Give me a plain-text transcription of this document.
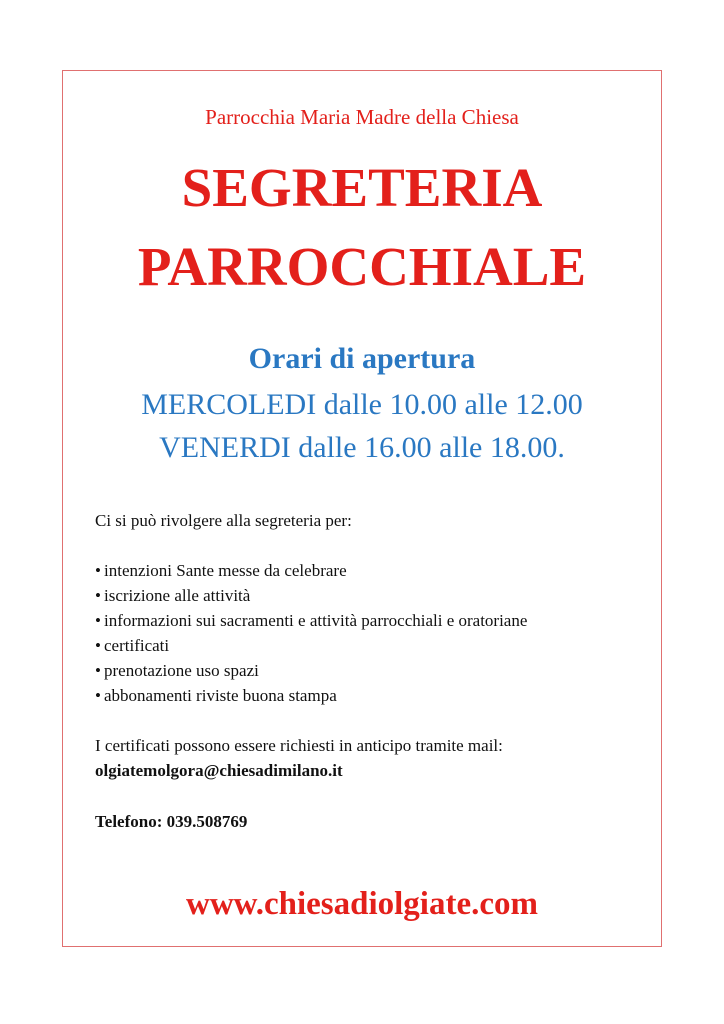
Parrocchia Maria Madre della Chiesa
SEGRETERIA
PARROCCHIALE
Orari di apertura
MERCOLEDI dalle 10.00 alle 12.00
VENERDI dalle 16.00 alle 18.00.
Ci si può rivolgere alla segreteria per:
• intenzioni Sante messe da celebrare
• iscrizione alle attività
• informazioni sui sacramenti e attività parrocchiali e oratoriane
• certificati
• prenotazione uso spazi
• abbonamenti riviste buona stampa
I certificati possono essere richiesti in anticipo tramite mail:
olgiatemolgora@chiesadimilano.it
Telefono: 039.508769
www.chiesadiolgiate.com
